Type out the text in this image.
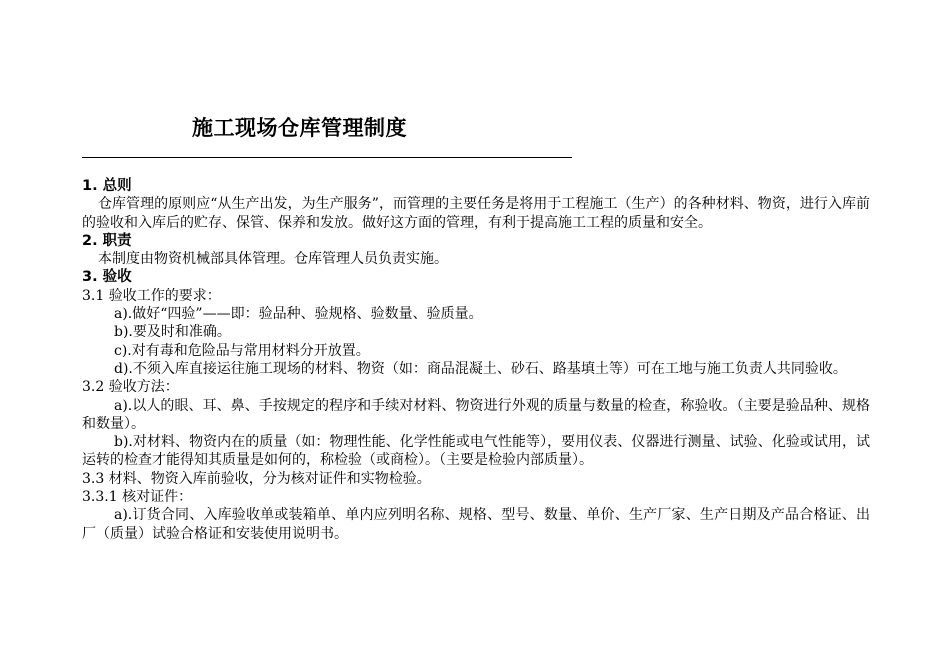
施工现场仓库管理制度

1. 总则

仓库管理的原则应“从生产出发，为生产服务”，而管理的主要任务是将用于工程施工（生产）的各种材料、物资，进行入库前的验收和入库后的贮存、保管、保养和发放。做好这方面的管理，有利于提高施工工程的质量和安全。

2. 职责

本制度由物资机械部具体管理。仓库管理人员负责实施。

3. 验收

3.1 验收工作的要求：

a).做好“四验”——即：验品种、验规格、验数量、验质量。

b).要及时和准确。

c).对有毒和危险品与常用材料分开放置。

d).不须入库直接运往施工现场的材料、物资（如：商品混凝土、砂石、路基填土等）可在工地与施工负责人共同验收。

3.2 验收方法：

a).以人的眼、耳、鼻、手按规定的程序和手续对材料、物资进行外观的质量与数量的检查，称验收。（主要是验品种、规格和数量）。

b).对材料、物资内在的质量（如：物理性能、化学性能或电气性能等），要用仪表、仪器进行测量、试验、化验或试用，试运转的检查才能得知其质量是如何的，称检验（或商检）。（主要是检验内部质量）。

3.3 材料、物资入库前验收，分为核对证件和实物检验。

3.3.1 核对证件：

a).订货合同、入库验收单或装箱单、单内应列明名称、规格、型号、数量、单价、生产厂家、生产日期及产品合格证、出厂（质量）试验合格证和安装使用说明书。
